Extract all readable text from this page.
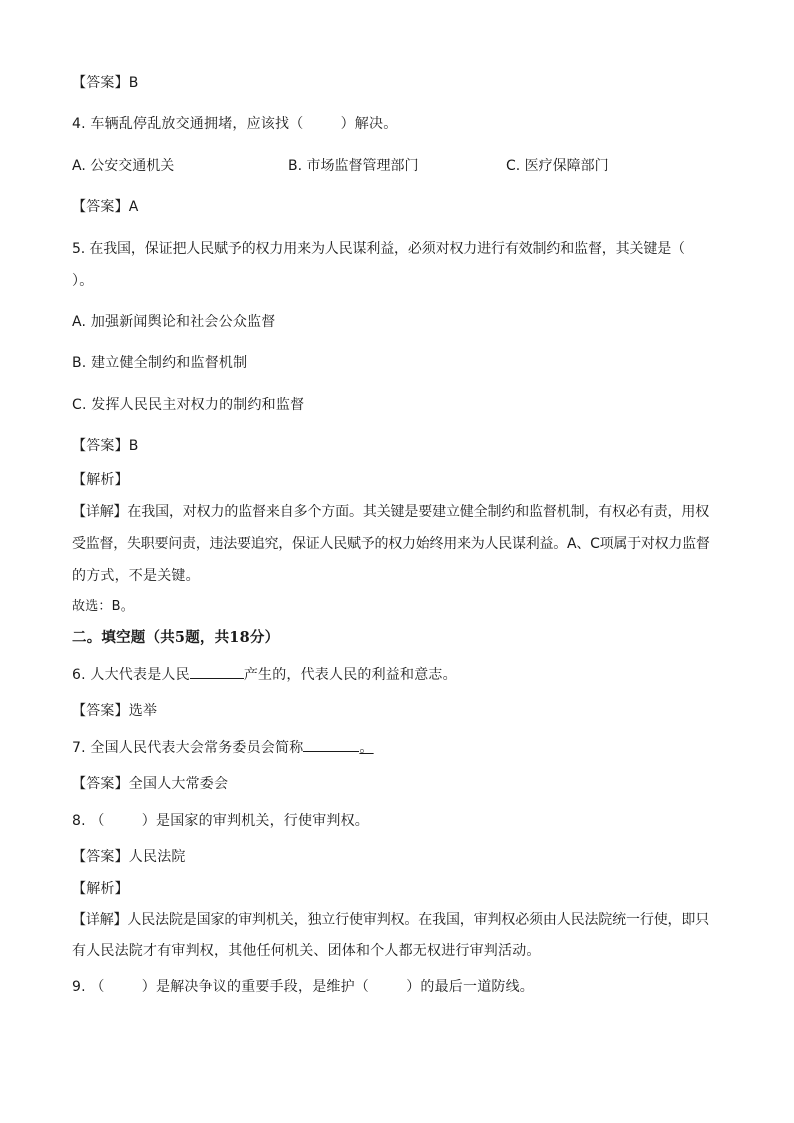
【答案】B

4. 车辆乱停乱放交通拥堵，应该找（        ）解决。

A. 公安交通机关	B. 市场监督管理部门	C. 医疗保障部门

【答案】A

5. 在我国，保证把人民赋予的权力用来为人民谋利益，必须对权力进行有效制约和监督，其关键是（

）。

A. 加强新闻舆论和社会公众监督

B. 建立健全制约和监督机制

C. 发挥人民民主对权力的制约和监督

【答案】B

【解析】

【详解】在我国，对权力的监督来自多个方面。其关键是要建立健全制约和监督机制，有权必有责，用权

受监督，失职要问责，违法要追究，保证人民赋予的权力始终用来为人民谋利益。A、C项属于对权力监督

的方式，不是关键。

故选：B。

二。填空题（共5题，共18分）

6. 人大代表是人民	产生的，代表人民的利益和意志。

【答案】选举

7. 全国人民代表大会常务委员会简称	。

【答案】全国人大常委会

8. （        ）是国家的审判机关，行使审判权。

【答案】人民法院

【解析】

【详解】人民法院是国家的审判机关，独立行使审判权。在我国，审判权必须由人民法院统一行使，即只

有人民法院才有审判权，其他任何机关、团体和个人都无权进行审判活动。

9. （        ）是解决争议的重要手段，是维护（        ）的最后一道防线。
